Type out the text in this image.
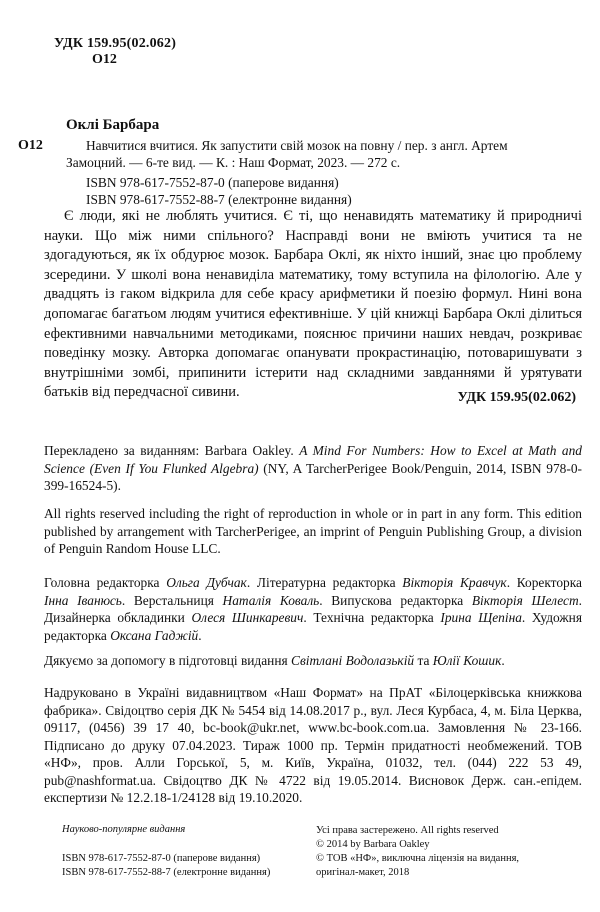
УДК 159.95(02.062)
О12
Оклі Барбара
О12	Навчитися вчитися. Як запустити свій мозок на повну / пер. з англ. Артем
Замоцний. — 6-те вид. — К. : Наш Формат, 2023. — 272 с.
ISBN 978-617-7552-87-0 (паперове видання)
ISBN 978-617-7552-88-7 (електронне видання)
Є люди, які не люблять учитися. Є ті, що ненавидять математику й природничі науки. Що між ними спільного? Насправді вони не вміють учитися та не здогадуються, як їх обдурює мозок. Барбара Оклі, як ніхто інший, знає цю проблему зсередини. У школі вона ненавиділа математику, тому вступила на філологію. Але у двадцять із гаком відкрила для себе красу арифметики й поезію формул. Нині вона допомагає багатьом людям учитися ефективніше. У цій книжці Барбара Оклі ділиться ефективними навчальними методиками, пояснює причини наших невдач, розкриває поведінку мозку. Авторка допомагає опанувати прокрастинацію, потоваришувати з внутрішніми зомбі, припинити істерити над складними завданнями й урятувати батьків від передчасної сивини.	УДК 159.95(02.062)
Перекладено за виданням: Barbara Oakley. A Mind For Numbers: How to Excel at Math and Science (Even If You Flunked Algebra) (NY, A TarcherPerigee Book/Penguin, 2014, ISBN 978-0-399-16524-5).
All rights reserved including the right of reproduction in whole or in part in any form. This edition published by arrangement with TarcherPerigee, an imprint of Penguin Publishing Group, a division of Penguin Random House LLC.
Головна редакторка Ольга Дубчак. Літературна редакторка Вікторія Кравчук. Коректорка Інна Іванюсь. Верстальниця Наталія Коваль. Випускова редакторка Вікторія Шелест. Дизайнерка обкладинки Олеся Шинкаревич. Технічна редакторка Ірина Щепіна. Художня редакторка Оксана Гаджій.
Дякуємо за допомогу в підготовці видання Світлані Водолазькій та Юлії Кошик.
Надруковано в Україні видавництвом «Наш Формат» на ПрАТ «Білоцерківська книжкова фабрика». Свідоцтво серія ДК № 5454 від 14.08.2017 р., вул. Леся Курбаса, 4, м. Біла Церква, 09117, (0456) 39 17 40, bc-book@ukr.net, www.bc-book.com.ua. Замовлення № 23-166. Підписано до друку 07.04.2023. Тираж 1000 пр. Термін придатності необмежений. ТОВ «НФ», пров. Алли Горської, 5, м. Київ, Україна, 01032, тел. (044) 222 53 49, pub@nashformat.ua. Свідоцтво ДК № 4722 від 19.05.2014. Висновок Держ. сан.-епідем. експертизи № 12.2.18-1/24128 від 19.10.2020.
Науково-популярне видання
ISBN 978-617-7552-87-0 (паперове видання)
ISBN 978-617-7552-88-7 (електронне видання)
Усі права застережено. All rights reserved
© 2014 by Barbara Oakley
© ТОВ «НФ», виключна ліцензія на видання,
оригінал-макет, 2018
